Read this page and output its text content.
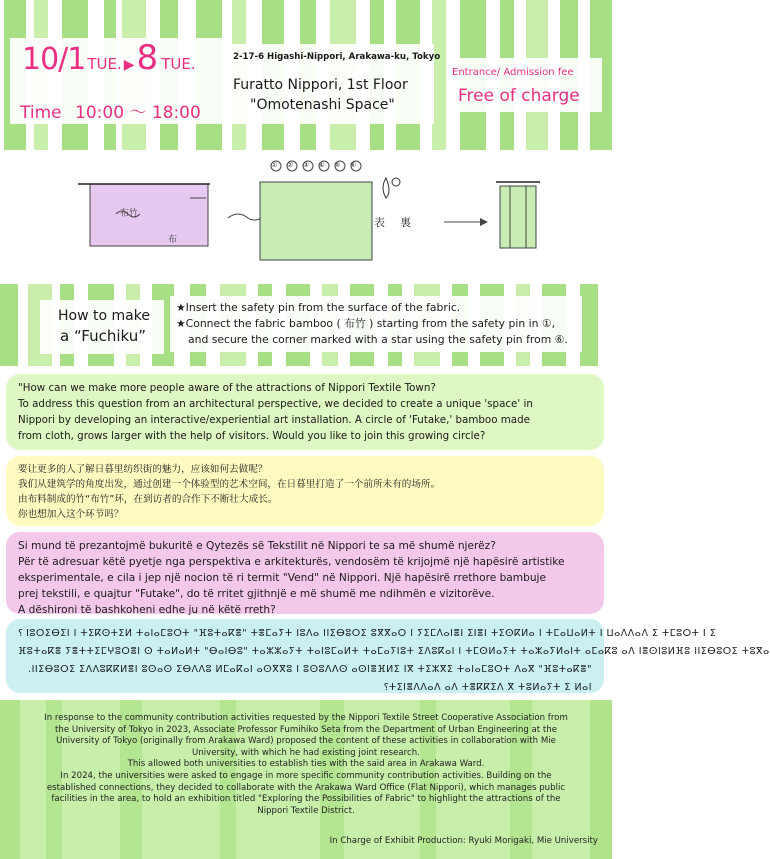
10/1 TUE. ▶8 TUE.
Time 10:00 ～ 18:00
2-17-6 Higashi-Nippori, Arakawa-ku, Tokyo
Furatto Nippori, 1st Floor
"Omotenashi Space"
Entrance/ Admission fee
Free of charge
布
布竹
表 裏
①②③④⑤⑥
How to make
a “Fuchiku”
★Insert the safety pin from the surface of the fabric.
★Connect the fabric bamboo ( 布竹 ) starting from the safety pin in ①,
and secure the corner marked with a star using the safety pin from ⑥.

"How can we make more people aware of the attractions of Nippori Textile Town?

To address this question from an architectural perspective, we decided to create a unique 'space' in

Nippori by developing an interactive/experiential art installation. A circle of 'Futake,' bamboo made

from cloth, grows larger with the help of visitors. Would you like to join this growing circle?

要让更多的人了解日暮里纺织街的魅力，应该如何去做呢？

我们从建筑学的角度出发，通过创建一个体验型的艺术空间，在日暮里打造了一个前所未有的场所。

由布料制成的竹“布竹”环，在到访者的合作下不断壮大成长。

你也想加入这个环节吗？

Si mund të prezantojmë bukuritë e Qytezës së Tekstilit në Nippori te sa më shumë njerëz?

Për të adresuar këtë pyetje nga perspektiva e arkitekturës, vendosëm të krijojmë një hapësirë artistike

eksperimentale, e cila i jep një nocion të ri termit "Vend" në Nippori. Një hapësirë rrethore bambuje

prej tekstili, e quajtur "Futake", do të rritet gjithnjë e më shumë me ndihmën e vizitorëve.

A dëshironi të bashkoheni edhe ju në këtë rreth?

؟ ⵏⵓⵔⵉⴱⵉⵏ ⵏ ⵜⵉⴽⵙⵜⵉⵍ ⵜⴰⵏⴰⵎⵓⵔⵜ "ⴼⵓⵜⴰⴽⴻ" ⵜⴻⵎⴰⵢⵜ ⵏⵓⴷⴰ ⵏⵏⵉⴱⵓⵔⵉ ⵓⴳⴳⴰⵔ ⵏ ⵢⵉⵎⴷⴰⵏⴻⵏ ⵉⵏⴻⵏ ⵜⵉⵙⴽⵍⴰ ⵏ ⵜⵎⴰⵡⴰⵍⵜ ⵏ ⵡⴰⴷⴷⴰⴷ ⵉ ⵜⵎⵓⵔⵜ ⵏ ⵉ

ⴼⵓⵜⴰⴽⴻ ⵢⴻⵜⵜⵉⵎⵖⵓⵔⴻⵏ ⵙ ⵜⴰⵍⴰⵍⵜ "ⴱⴰⵏⴱⵓ" ⵜⴰⵣⵣⴰⵢⵜ ⵜⴰⵏⵓⵎⴰⵍⵜ ⵜⴰⵎⴰⵢⵏⵓⵜ ⵉⴷⵓⴽⴰⵏ ⵏ ⵜⵎⵙⵍⴰⵢⵜ ⵜⴰⵣⴰⵢⵍⴰⵏⵜ ⴰⵎⴰⴽⵓ ⴰⴷ ⵏⴻⵙⵏⵓⵍⴼⵓ ⵏⵏⵉⴱⵓⵔⵉ ⵜⵓⴳⴰ

.ⵏⵏⵉⴱⵓⵔⵉ ⵉⴷⴷⵓⴽⴽⵍⴻⵏ ⵓⵙⴰⵙ ⵉⴱⴷⴷⵓ ⵍⵎⴰⴽⴰⵏ ⴰⵙⴳⴳⵓ ⵏ ⵓⵙⵓⴷⴷⵙ ⴰⵙⵏⴻⴼⵍⵉ ⵏⴳ ⵜⵉⵣⴳⵉ ⵜⴰⵏⴰⵎⵓⵔⵜ ⴷⴰⴳ "ⴼⵓⵜⴰⴽⴻ"

؟ⵜⵉⵏⴻⴷⴷⴰⴷ ⴰⴷ ⵜⴻⴽⴽⵉⴷ ⴳ ⵜⵓⵍⴰⵢⵜ ⵉ ⵍⴰⵏ

In response to the community contribution activities requested by the Nippori Textile Street Cooperative Association from
the University of Tokyo in 2023, Associate Professor Fumihiko Seta from the Department of Urban Engineering at the
University of Tokyo (originally from Arakawa Ward) proposed the content of these activities in collaboration with Mie
University, with which he had existing joint research.
This allowed both universities to establish ties with the said area in Arakawa Ward.
In 2024, the universities were asked to engage in more specific community contribution activities. Building on the
established connections, they decided to collaborate with the Arakawa Ward Office (Flat Nippori), which manages public
facilities in the area, to hold an exhibition titled "Exploring the Possibilities of Fabric" to highlight the attractions of the
Nippori Textile District.
In Charge of Exhibit Production: Ryuki Morigaki, Mie University
